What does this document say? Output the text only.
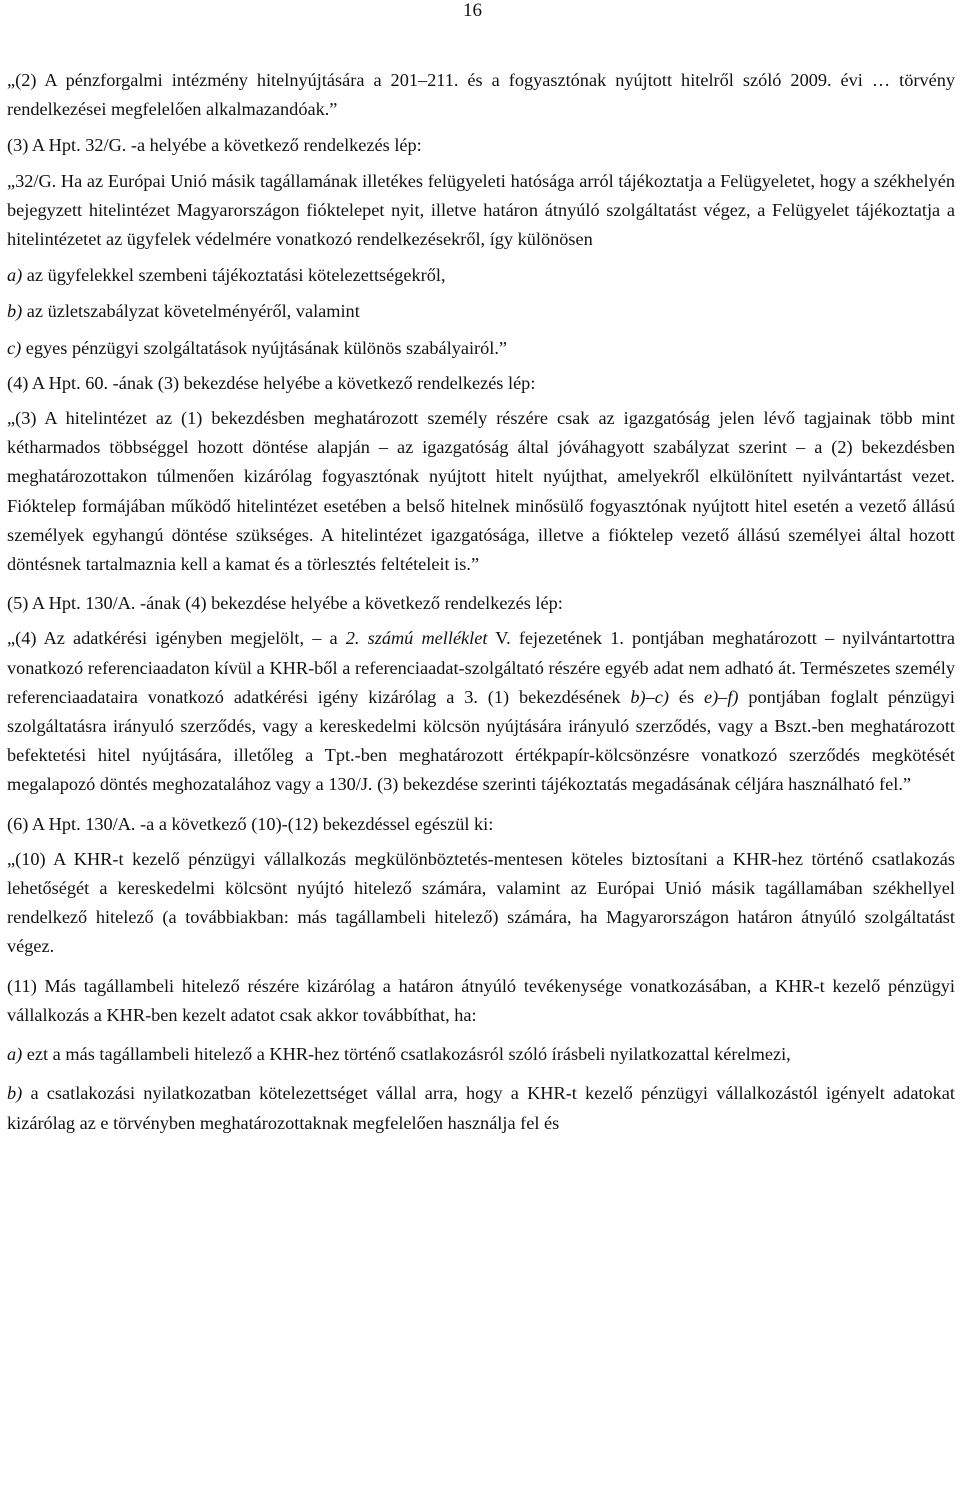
16

„(2) A pénzforgalmi intézmény hitelnyújtására a 201–211. és a fogyasztónak nyújtott hitelről szóló 2009. évi … törvény rendelkezései megfelelően alkalmazandóak.”

(3) A Hpt. 32/G. -a helyébe a következő rendelkezés lép:

„32/G. Ha az Európai Unió másik tagállamának illetékes felügyeleti hatósága arról tájékoztatja a Felügyeletet, hogy a székhelyén bejegyzett hitelintézet Magyarországon fióktelepet nyit, illetve határon átnyúló szolgáltatást végez, a Felügyelet tájékoztatja a hitelintézetet az ügyfelek védelmére vonatkozó rendelkezésekről, így különösen

a) az ügyfelekkel szembeni tájékoztatási kötelezettségekről,

b) az üzletszabályzat követelményéről, valamint

c) egyes pénzügyi szolgáltatások nyújtásának különös szabályairól.”

(4) A Hpt. 60. -ának (3) bekezdése helyébe a következő rendelkezés lép:

„(3) A hitelintézet az (1) bekezdésben meghatározott személy részére csak az igazgatóság jelen lévő tagjainak több mint kétharmados többséggel hozott döntése alapján – az igazgatóság által jóváhagyott szabályzat szerint – a (2) bekezdésben meghatározottakon túlmenően kizárólag fogyasztónak nyújtott hitelt nyújthat, amelyekről elkülönített nyilvántartást vezet. Fióktelep formájában működő hitelintézet esetében a belső hitelnek minősülő fogyasztónak nyújtott hitel esetén a vezető állású személyek egyhangú döntése szükséges. A hitelintézet igazgatósága, illetve a fióktelep vezető állású személyei által hozott döntésnek tartalmaznia kell a kamat és a törlesztés feltételeit is.”

(5) A Hpt. 130/A. -ának (4) bekezdése helyébe a következő rendelkezés lép:

„(4) Az adatkérési igényben megjelölt, – a 2. számú melléklet V. fejezetének 1. pontjában meghatározott – nyilvántartottra vonatkozó referenciaadaton kívül a KHR-ből a referenciaadat-szolgáltató részére egyéb adat nem adható át. Természetes személy referenciaadataira vonatkozó adatkérési igény kizárólag a 3. (1) bekezdésének b)–c) és e)–f) pontjában foglalt pénzügyi szolgáltatásra irányuló szerződés, vagy a kereskedelmi kölcsön nyújtására irányuló szerződés, vagy a Bszt.-ben meghatározott befektetési hitel nyújtására, illetőleg a Tpt.-ben meghatározott értékpapír-kölcsönzésre vonatkozó szerződés megkötését megalapozó döntés meghozatalához vagy a 130/J. (3) bekezdése szerinti tájékoztatás megadásának céljára használható fel.”

(6) A Hpt. 130/A. -a a következő (10)-(12) bekezdéssel egészül ki:

„(10) A KHR-t kezelő pénzügyi vállalkozás megkülönböztetés-mentesen köteles biztosítani a KHR-hez történő csatlakozás lehetőségét a kereskedelmi kölcsönt nyújtó hitelező számára, valamint az Európai Unió másik tagállamában székhellyel rendelkező hitelező (a továbbiakban: más tagállambeli hitelező) számára, ha Magyarországon határon átnyúló szolgáltatást végez.

(11) Más tagállambeli hitelező részére kizárólag a határon átnyúló tevékenysége vonatkozásában, a KHR-t kezelő pénzügyi vállalkozás a KHR-ben kezelt adatot csak akkor továbbíthat, ha:

a) ezt a más tagállambeli hitelező a KHR-hez történő csatlakozásról szóló írásbeli nyilatkozattal kérelmezi,

b) a csatlakozási nyilatkozatban kötelezettséget vállal arra, hogy a KHR-t kezelő pénzügyi vállalkozástól igényelt adatokat kizárólag az e törvényben meghatározottaknak megfelelően használja fel és
